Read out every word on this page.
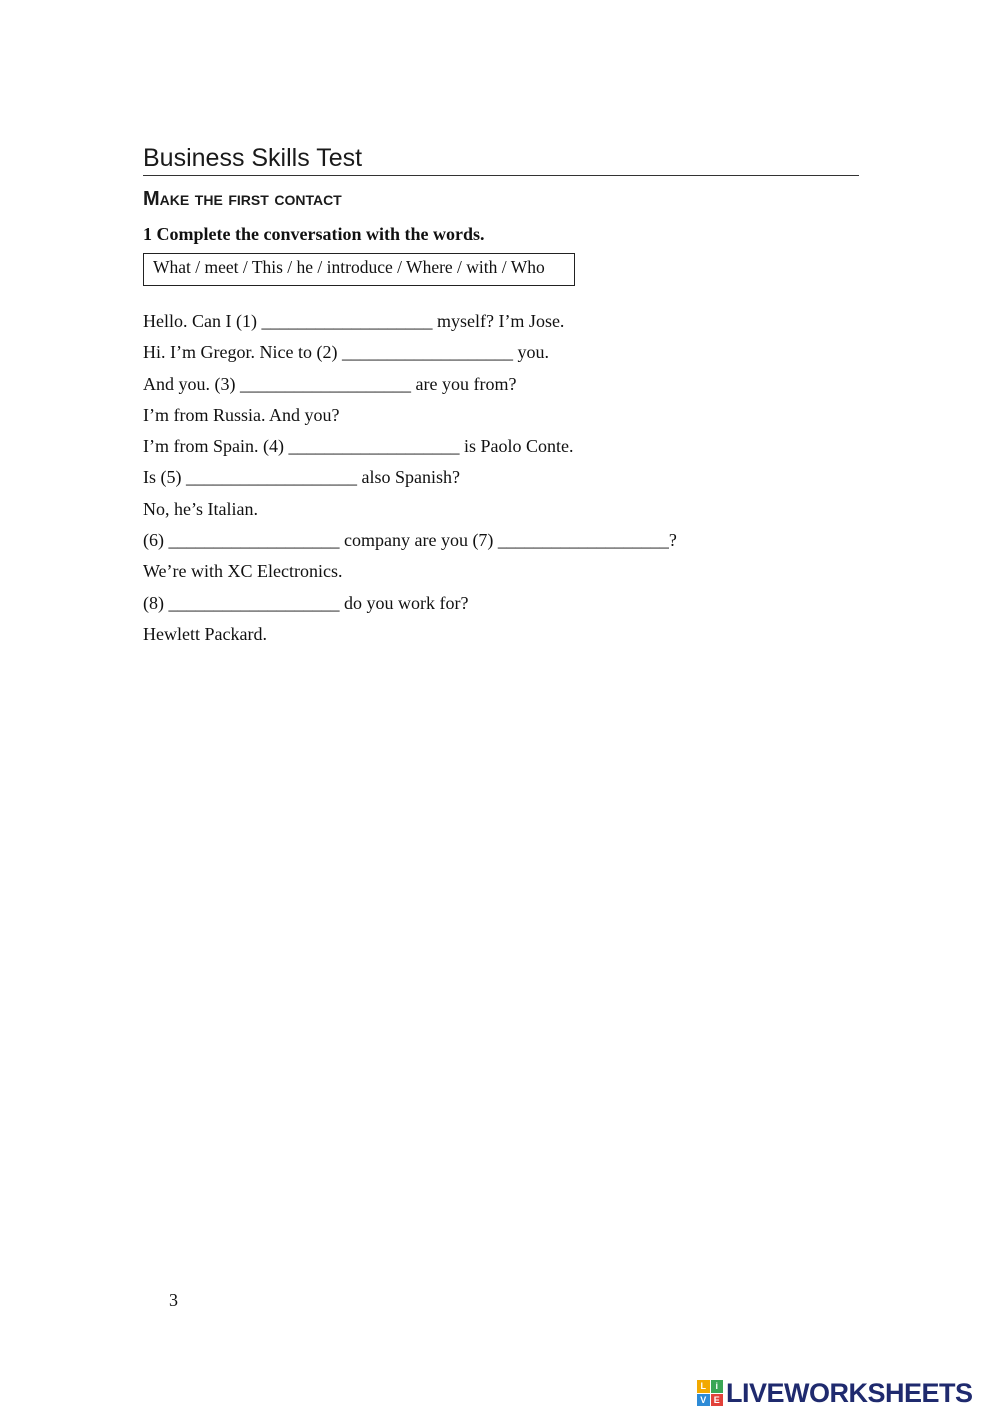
Business Skills Test
Make the first contact

1 Complete the conversation with the words.

What / meet / This / he / introduce / Where / with / Who
Hello. Can I (1) ___________________ myself? I’m Jose.
Hi. I’m Gregor. Nice to (2) ___________________ you.
And you. (3) ___________________ are you from?
I’m from Russia. And you?
I’m from Spain. (4) ___________________ is Paolo Conte.
Is (5) ___________________ also Spanish?
No, he’s Italian.
(6) ___________________ company are you (7) ___________________?
We’re with XC Electronics.
(8) ___________________ do you work for?
Hewlett Packard.
3
L	i
V E LIVEWORKSHEETS
